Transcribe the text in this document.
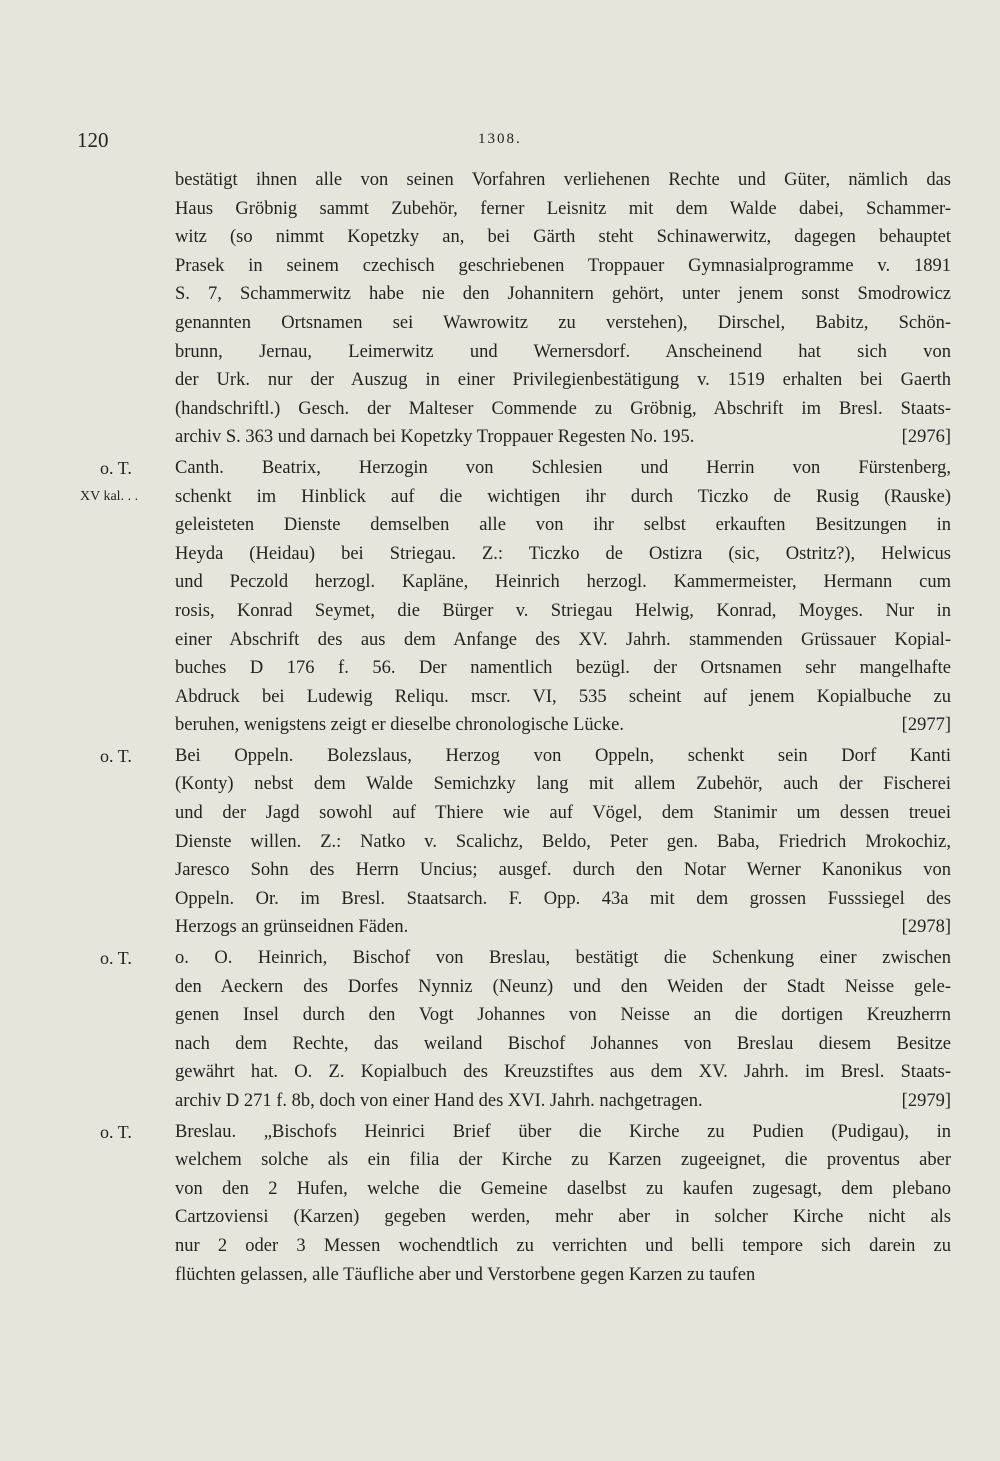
120	1308.
bestätigt ihnen alle von seinen Vorfahren verliehenen Rechte und Güter, nämlich das
Haus Gröbnig sammt Zubehör, ferner Leisnitz mit dem Walde dabei, Schammer-
witz (so nimmt Kopetzky an, bei Gärth steht Schinawerwitz, dagegen behauptet
Prasek in seinem czechisch geschriebenen Troppauer Gymnasialprogramme v. 1891
S. 7, Schammerwitz habe nie den Johannitern gehört, unter jenem sonst Smodrowicz
genannten Ortsnamen sei Wawrowitz zu verstehen), Dirschel, Babitz, Schön-
brunn, Jernau, Leimerwitz und Wernersdorf. Anscheinend hat sich von
der Urk. nur der Auszug in einer Privilegienbestätigung v. 1519 erhalten bei Gaerth
(handschriftl.) Gesch. der Malteser Commende zu Gröbnig, Abschrift im Bresl. Staats-
[2976]
archiv S. 363 und darnach bei Kopetzky Troppauer Regesten No. 195.
o. T.	Canth. Beatrix, Herzogin von Schlesien und Herrin von Fürstenberg,
XV kal. . . schenkt im Hinblick auf die wichtigen ihr durch Ticzko de Rusig (Rauske)
geleisteten Dienste demselben alle von ihr selbst erkauften Besitzungen in
Heyda (Heidau) bei Striegau. Z.: Ticzko de Ostizra (sic, Ostritz?), Helwicus
und Peczold herzogl. Kapläne, Heinrich herzogl. Kammermeister, Hermann cum
rosis, Konrad Seymet, die Bürger v. Striegau Helwig, Konrad, Moyges. Nur in
einer Abschrift des aus dem Anfange des XV. Jahrh. stammenden Grüssauer Kopial-
buches D 176 f. 56. Der namentlich bezügl. der Ortsnamen sehr mangelhafte
Abdruck bei Ludewig Reliqu. mscr. VI, 535 scheint auf jenem Kopialbuche zu
[2977]
beruhen, wenigstens zeigt er dieselbe chronologische Lücke.
o. T.	Bei Oppeln. Bolezslaus, Herzog von Oppeln, schenkt sein Dorf Kanti
(Konty) nebst dem Walde Semichzky lang mit allem Zubehör, auch der Fischerei
und der Jagd sowohl auf Thiere wie auf Vögel, dem Stanimir um dessen treuei
Dienste willen. Z.: Natko v. Scalichz, Beldo, Peter gen. Baba, Friedrich Mrokochiz,
Jaresco Sohn des Herrn Uncius; ausgef. durch den Notar Werner Kanonikus von
Oppeln. Or. im Bresl. Staatsarch. F. Opp. 43a mit dem grossen Fusssiegel des
[2978]
Herzogs an grünseidnen Fäden.
o. T.	o. O. Heinrich, Bischof von Breslau, bestätigt die Schenkung einer zwischen
den Aeckern des Dorfes Nynniz (Neunz) und den Weiden der Stadt Neisse gele-
genen Insel durch den Vogt Johannes von Neisse an die dortigen Kreuzherrn
nach dem Rechte, das weiland Bischof Johannes von Breslau diesem Besitze
gewährt hat. O. Z. Kopialbuch des Kreuzstiftes aus dem XV. Jahrh. im Bresl. Staats-
[2979]
archiv D 271 f. 8b, doch von einer Hand des XVI. Jahrh. nachgetragen.
o. T.	Breslau. „Bischofs Heinrici Brief über die Kirche zu Pudien (Pudigau), in
welchem solche als ein filia der Kirche zu Karzen zugeeignet, die proventus aber
von den 2 Hufen, welche die Gemeine daselbst zu kaufen zugesagt, dem plebano
Cartzoviensi (Karzen) gegeben werden, mehr aber in solcher Kirche nicht als
nur 2 oder 3 Messen wochendtlich zu verrichten und belli tempore sich darein zu
flüchten gelassen, alle Täufliche aber und Verstorbene gegen Karzen zu taufen
